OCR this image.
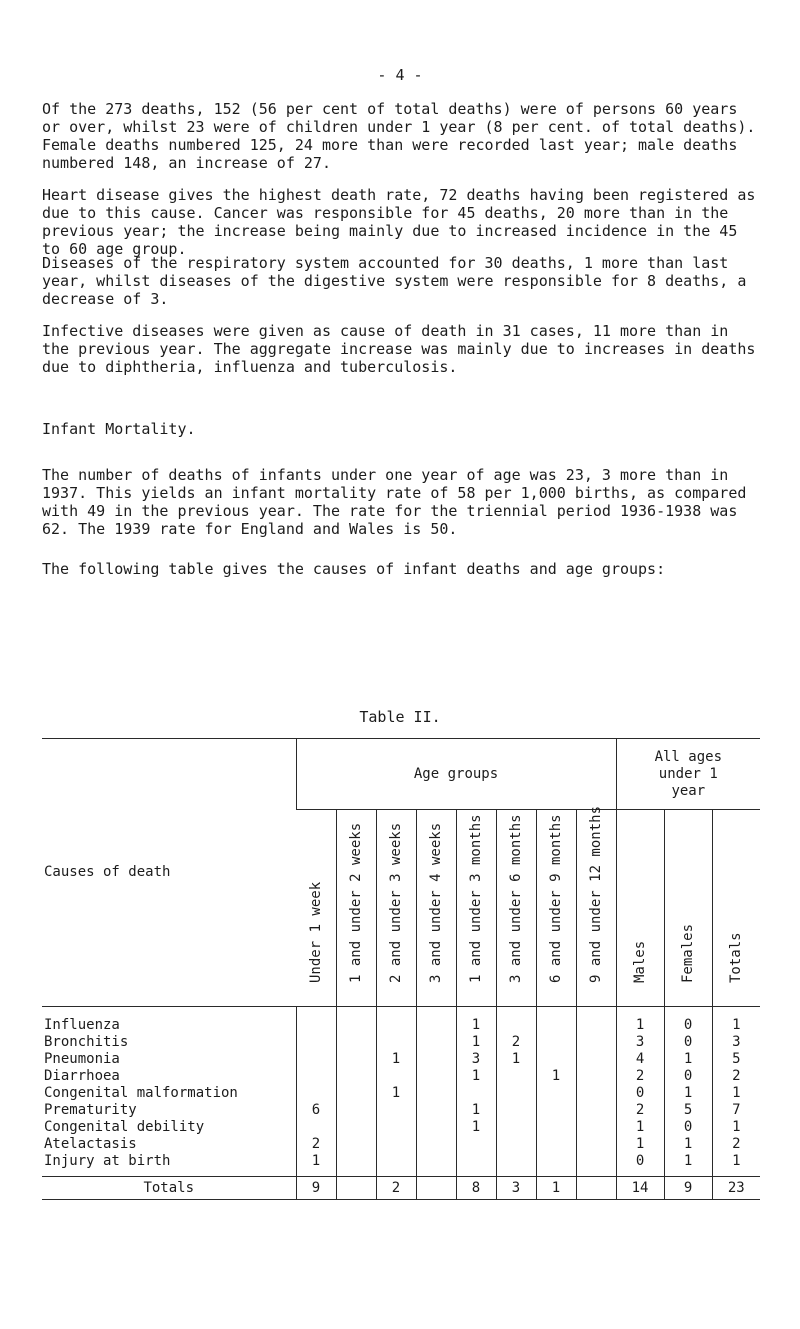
- 4 -

Of the 273 deaths, 152 (56 per cent of total deaths) were of persons 60 years or over, whilst 23 were of children under 1 year (8 per cent. of total deaths). Female deaths numbered 125, 24 more than were recorded last year; male deaths numbered 148, an increase of 27.

Heart disease gives the highest death rate, 72 deaths having been registered as due to this cause. Cancer was responsible for 45 deaths, 20 more than in the previous year; the increase being mainly due to increased incidence in the 45 to 60 age group.

Diseases of the respiratory system accounted for 30 deaths, 1 more than last year, whilst diseases of the digestive system were responsible for 8 deaths, a decrease of 3.

Infective diseases were given as cause of death in 31 cases, 11 more than in the previous year. The aggregate increase was mainly due to increases in deaths due to diphtheria, influenza and tuberculosis.

Infant Mortality.

The number of deaths of infants under one year of age was 23, 3 more than in 1937. This yields an infant mortality rate of 58 per 1,000 births, as compared with 49 in the previous year. The rate for the triennial period 1936-1938 was 62. The 1939 rate for England and Wales is 50.

The following table gives the causes of infant deaths and age groups:

Table II.
Causes of death	Age groups								All ages
under 1
year		

	Under 1 week	1 and under 2 weeks	2 and under 3 weeks	3 and under 4 weeks	1 and under 3 months	3 and under 6 months	6 and under 9 months	9 and under 12 months	Males	Females	Totals

Influenza					1				1	0	1
Bronchitis					1	2			3	0	3
Pneumonia			1		3	1			4	1	5
Diarrhoea					1		1		2	0	2
Congenital malformation			1						0	1	1
Prematurity	6				1				2	5	7
Congenital debility					1				1	0	1
Atelactasis	2								1	1	2
Injury at birth	1								0	1	1
Totals	9		2		8	3	1		14	9	23
